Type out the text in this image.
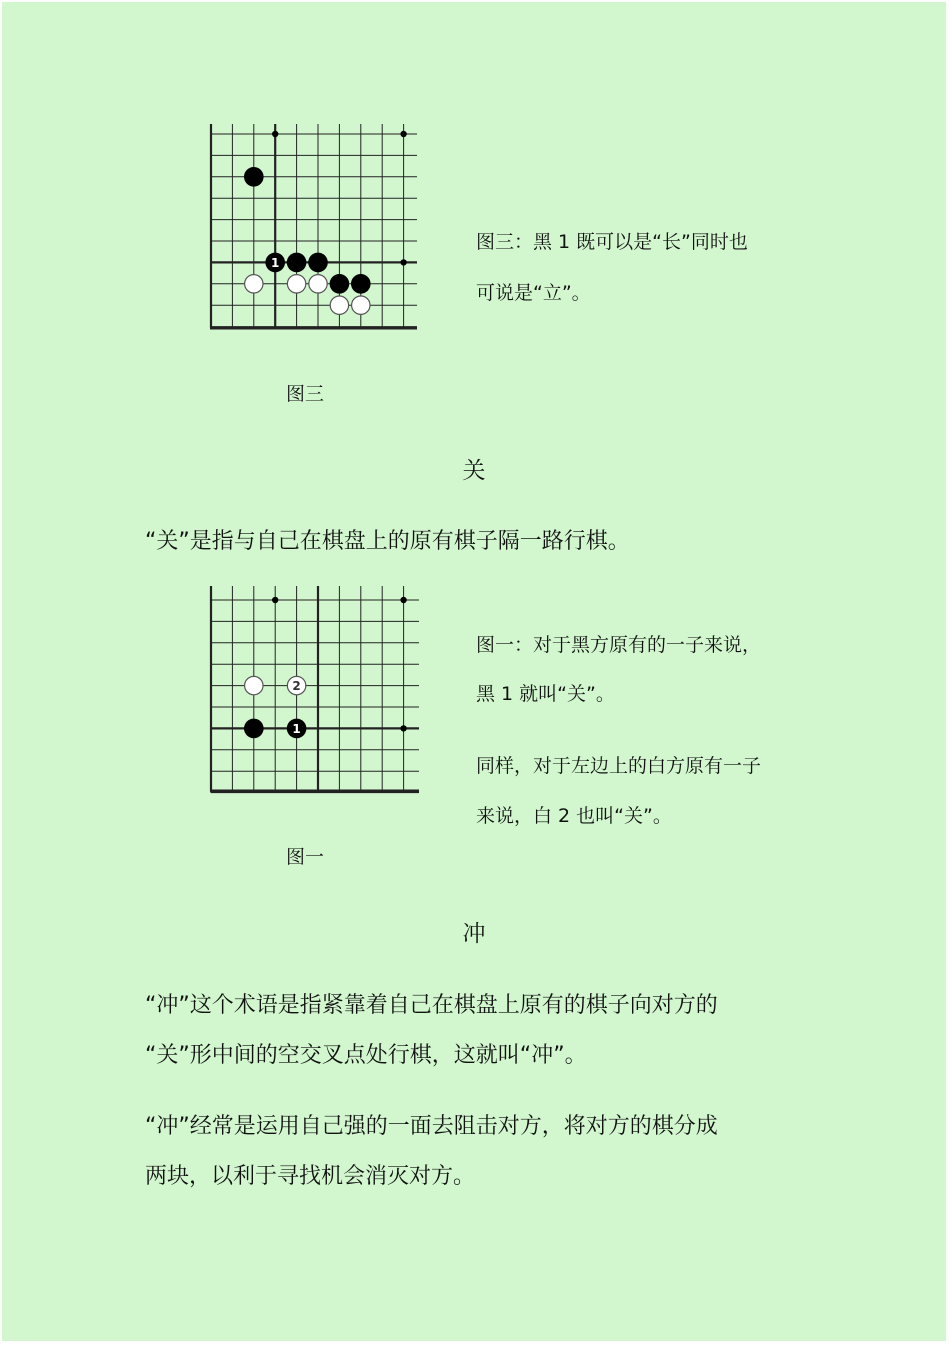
1
图三
图三：黑 1 既可以是“长”同时也
可说是“立”。
关
“关”是指与自己在棋盘上的原有棋子隔一路行棋。
2
1
图一
图一：对于黑方原有的一子来说，
黑 1 就叫“关”。
同样，对于左边上的白方原有一子
来说，白 2 也叫“关”。
冲
“冲”这个术语是指紧靠着自己在棋盘上原有的棋子向对方的
“关”形中间的空交叉点处行棋，这就叫“冲”。
“冲”经常是运用自己强的一面去阻击对方，将对方的棋分成
两块，以利于寻找机会消灭对方。
